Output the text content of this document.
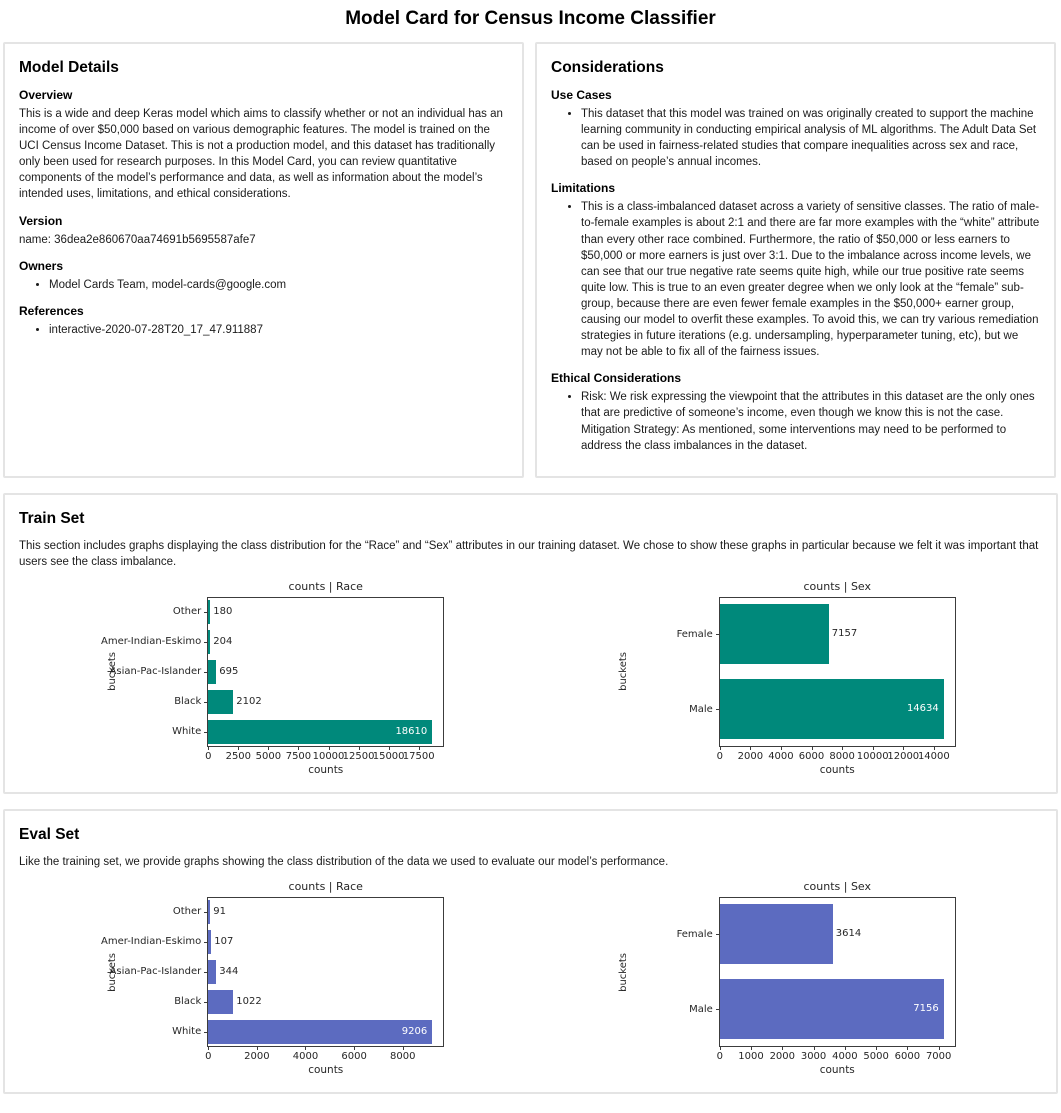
Model Card for Census Income Classifier
Model Details
Overview

This is a wide and deep Keras model which aims to classify whether or not an individual has an income of over $50,000 based on various demographic features. The model is trained on the UCI Census Income Dataset. This is not a production model, and this dataset has traditionally only been used for research purposes. In this Model Card, you can review quantitative components of the model’s performance and data, as well as information about the model’s intended uses, limitations, and ethical considerations.

Version

name: 36dea2e860670aa74691b5695587afe7

Owners
• Model Cards Team, model-cards@google.com
References
• interactive-2020-07-28T20_17_47.911887
Considerations
Use Cases
• This dataset that this model was trained on was originally created to support the machine learning community in conducting empirical analysis of ML algorithms. The Adult Data Set can be used in fairness-related studies that compare inequalities across sex and race, based on people’s annual incomes.
Limitations
• This is a class-imbalanced dataset across a variety of sensitive classes. The ratio of male-to-female examples is about 2:1 and there are far more examples with the “white” attribute than every other race combined. Furthermore, the ratio of $50,000 or less earners to $50,000 or more earners is just over 3:1. Due to the imbalance across income levels, we can see that our true negative rate seems quite high, while our true positive rate seems quite low. This is true to an even greater degree when we only look at the “female” sub-group, because there are even fewer female examples in the $50,000+ earner group, causing our model to overfit these examples. To avoid this, we can try various remediation strategies in future iterations (e.g. undersampling, hyperparameter tuning, etc), but we may not be able to fix all of the fairness issues.
Ethical Considerations
• Risk: We risk expressing the viewpoint that the attributes in this dataset are the only ones that are predictive of someone’s income, even though we know this is not the case.
Mitigation Strategy: As mentioned, some interventions may need to be performed to address the class imbalances in the dataset.
Train Set

This section includes graphs displaying the class distribution for the “Race” and “Sex” attributes in our training dataset. We chose to show these graphs in particular because we felt it was important that users see the class imbalance.

counts | Race
buckets
Other
Amer-Indian-Eskimo
Asian-Pac-Islander
Black
White
180
204
695
2102
18610
0 2500 5000 7500 10000
12500
15000
17500
counts
counts | Sex
buckets
Female
Male
7157
14634
0 2000 4000 6000 8000 10000
12000
14000
counts
Eval Set

Like the training set, we provide graphs showing the class distribution of the data we used to evaluate our model’s performance.

counts | Race
buckets
Other
Amer-Indian-Eskimo
Asian-Pac-Islander
Black
White
91
107
344
1022
9206
0	2000 4000 6000 8000
counts
counts | Sex
buckets
Female
Male
3614
7156
0 1000 2000 3000 4000 5000 6000 7000
counts
